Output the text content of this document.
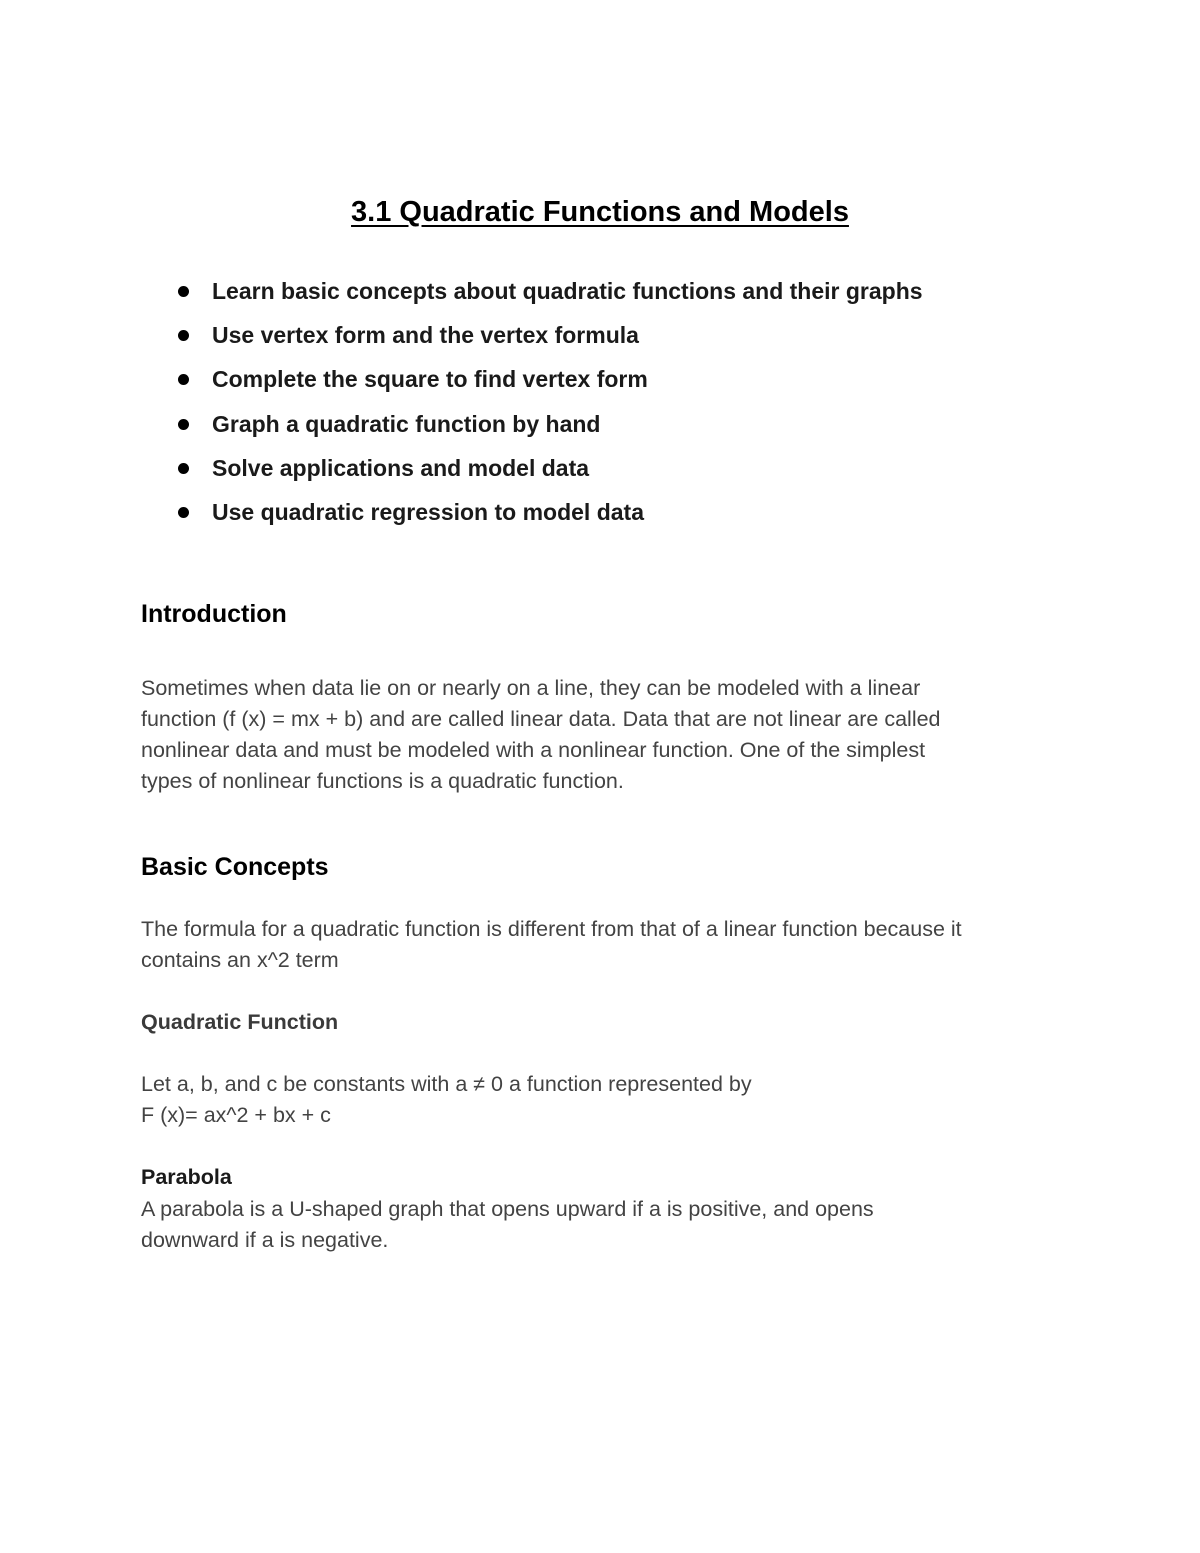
3.1 Quadratic Functions and Models
Learn basic concepts about quadratic functions and their graphs
Use vertex form and the vertex formula
Complete the square to find vertex form
Graph a quadratic function by hand
Solve applications and model data
Use quadratic regression to model data
Introduction

Sometimes when data lie on or nearly on a line, they can be modeled with a linear
function (f (x) = mx + b) and are called linear data. Data that are not linear are called
nonlinear data and must be modeled with a nonlinear function. One of the simplest
types of nonlinear functions is a quadratic function.

Basic Concepts

The formula for a quadratic function is different from that of a linear function because it
contains an x^2 term

Quadratic Function

Let a, b, and c be constants with a ≠ 0 a function represented by
F (x)= ax^2 + bx + c

Parabola

A parabola is a U-shaped graph that opens upward if a is positive, and opens
downward if a is negative.
